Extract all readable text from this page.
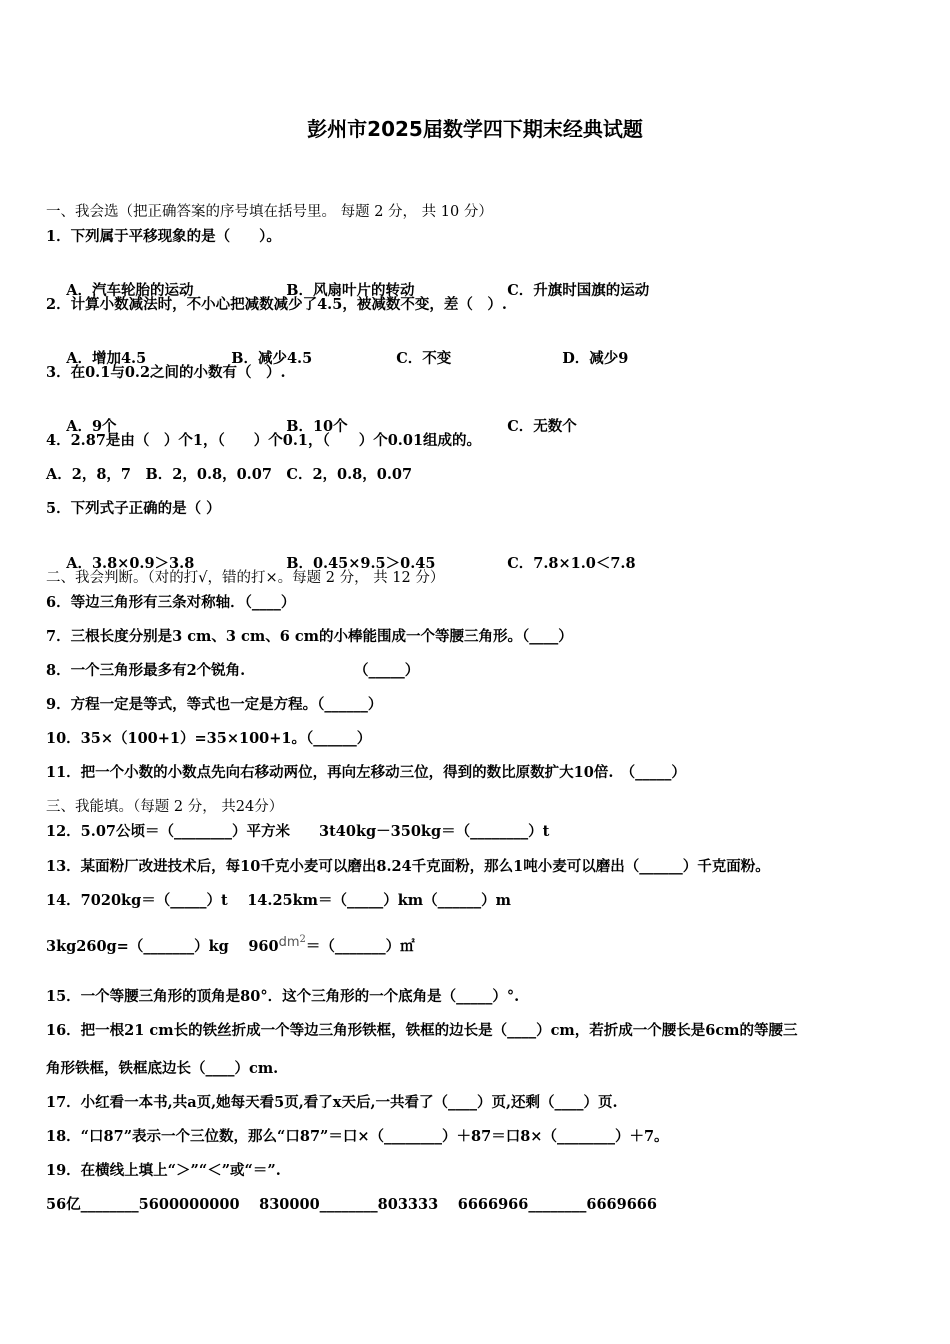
彭州市2025届数学四下期末经典试题
一、我会选（把正确答案的序号填在括号里。 每题 2 分， 共 10 分）
1．下列属于平移现象的是（　　）。

A．汽车轮胎的运动	B．风扇叶片的转动	C．升旗时国旗的运动

2．计算小数减法时，不小心把减数减少了4.5，被减数不变，差（　）.

A．增加4.5	B．减少4.5	C．不变	D．减少9

3．在0.1与0.2之间的小数有（　）.

A．9个	B．10个	C．无数个

4．2.87是由（　）个1，（　　）个0.1，（　　）个0.01组成的。
A．2，8，7　B．2，0.8，0.07　C．2，0.8，0.07
5．下列式子正确的是（ ）

A．3.8×0.9＞3.8	B．0.45×9.5＞0.45	C．7.8×1.0＜7.8

二、我会判断。（对的打√，错的打×。每题 2 分， 共 12 分）
6．等边三角形有三条对称轴．（____）
7．三根长度分别是3 cm、3 cm、6 cm的小棒能围成一个等腰三角形。（____）
8．一个三角形最多有2个锐角.　　　　　　　　（_____）
9．方程一定是等式，等式也一定是方程。（______）
10．35×（100+1）=35×100+1。（______）
11．把一个小数的小数点先向右移动两位，再向左移动三位，得到的数比原数扩大10倍.　（_____）
三、我能填。（每题 2 分， 共24分）
12．5.07公顷＝（________）平方米　　3t40kg－350kg＝（________）t
13．某面粉厂改进技术后，每10千克小麦可以磨出8.24千克面粉，那么1吨小麦可以磨出（______）千克面粉。
14．7020kg＝（_____）t　 14.25km＝（_____）km（______）m
3kg260g=（_______）kg　 $960dm^2=(\_\_\_\_\_\_\_)㎡$
15．一个等腰三角形的顶角是80°．这个三角形的一个底角是（_____）°.
16．把一根21 cm长的铁丝折成一个等边三角形铁框，铁框的边长是（____）cm，若折成一个腰长是6cm的等腰三
角形铁框，铁框底边长（____）cm.
17．小红看一本书,共a页,她每天看5页,看了x天后,一共看了（____）页,还剩（____）页.
18．“口87”表示一个三位数，那么“口87”＝口×（________）＋87＝口8×（________）＋7。
19．在横线上填上“＞”“＜”或“＝”.
56亿________5600000000　 830000________803333　 6666966________6669666
